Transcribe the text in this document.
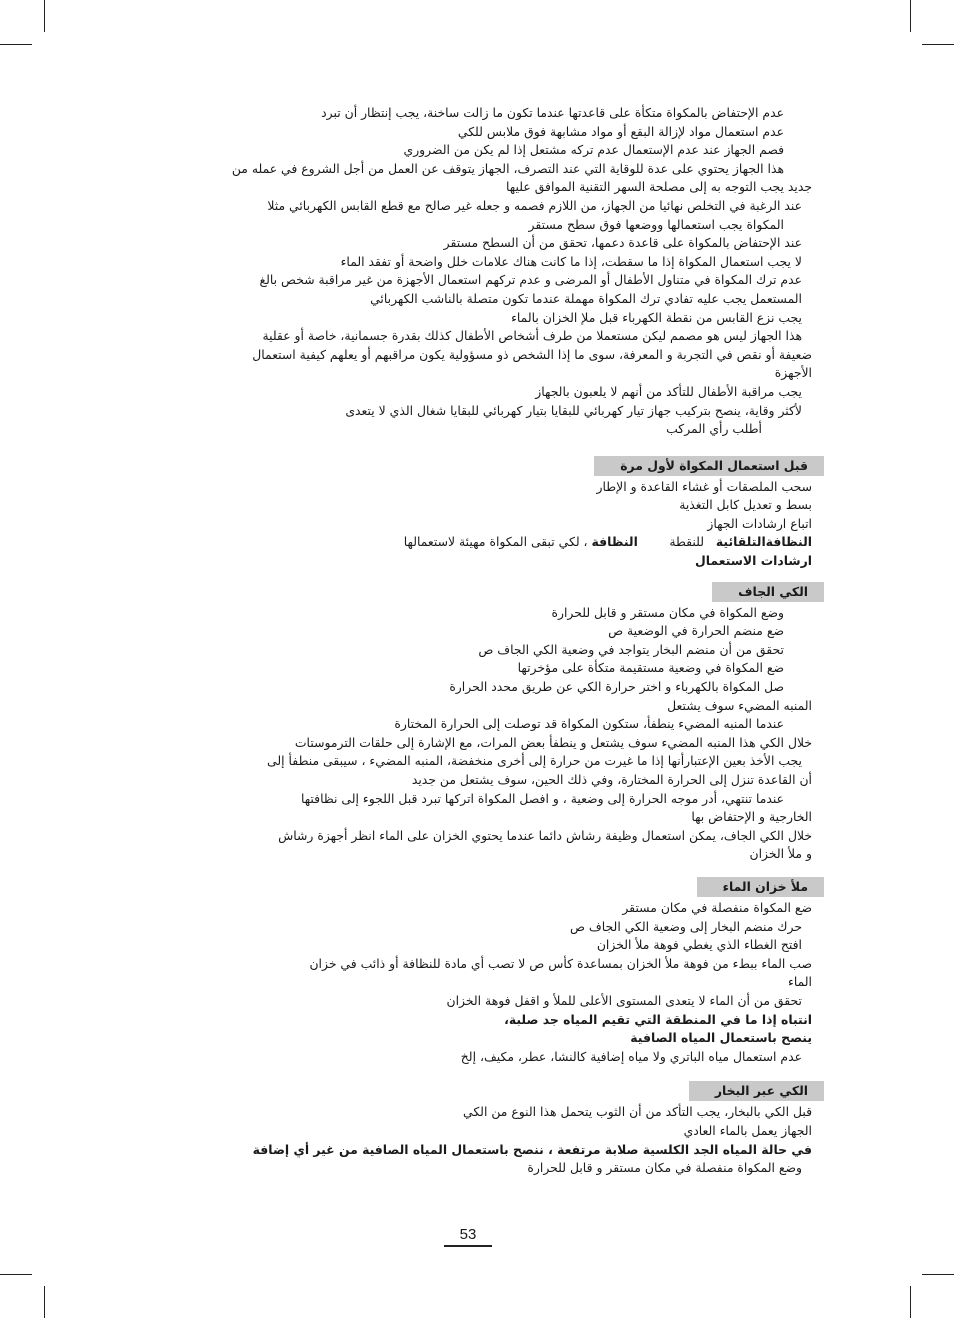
عدم الإحتفاض بالمكواة متكأة على قاعدتها عندما تكون ما زالت ساخنة، يجب إنتظار أن تبرد
عدم استعمال مواد لإزالة البقع أو مواد مشابهة فوق ملابس للكي
فصم الجهاز عند عدم الإستعمال عدم تركه مشتعل إذا لم يكن من الضروري
هذا الجهاز يحتوي على عدة للوقاية التي عند التصرف، الجهاز يتوقف عن العمل من أجل الشروع في عمله من
جديد يجب التوجه به إلى مصلحة السهر التقنية الموافق عليها
عند الرغبة في التخلص نهائيا من الجهاز، من اللازم فصمه و جعله غير صالح مع قطع القابس الكهربائي مثلا
المكواة يجب استعمالها ووضعها فوق سطح مستقر
عند الإحتفاض بالمكواة على قاعدة دعمها، تحقق من أن السطح مستقر
لا يجب استعمال المكواة إذا ما سقطت، إذا ما كانت هناك علامات خلل واضحة أو تفقد الماء
عدم ترك المكواة في متناول الأطفال أو المرضى و عدم تركهم استعمال الأجهزة من غير مراقبة شخص بالغ
المستعمل يجب عليه تفادي ترك المكواة مهملة عندما تكون متصلة بالناشب الكهربائي
يجب نزع القابس من نقطة الكهرباء قبل ملإ الخزان بالماء
هذا الجهاز ليس هو مصمم ليكن مستعملا من طرف أشخاص الأطفال كذلك بقدرة جسمانية، خاصة أو عقلية
ضعيفة أو نقص في التجربة و المعرفة، سوى ما إذا الشخص ذو مسؤولية يكون مراقبهم أو يعلهم كيفية استعمال
الأجهزة
يجب مراقبة الأطفال للتأكد من أنهم لا يلعبون بالجهاز
لأكثر وقاية، ينصح بتركيب جهاز تيار كهربائي للبقايا بتيار كهربائي للبقايا شغال الذي لا يتعدى
أطلب رأي المركب
قبل استعمال المكواة لأول مرة
سحب الملصقات أو غشاء القاعدة و الإطار
بسط و تعديل كابل التغذية
اتباع ارشادات الجهاز
النظافةالتلقائية   للنقطة        النظافة ، لكي تبقى المكواة مهيئة لاستعمالها
ارشادات الاستعمال
الكي الجاف
وضع المكواة في مكان مستقر و قابل للحرارة
ضع منضم الحرارة في الوضعية ص
تحقق من أن منضم البخار يتواجد في وضعية الكي الجاف ص
ضع المكواة في وضعية مستقيمة متكأة على مؤخرتها
صل المكواة بالكهرباء و اختر حرارة الكي عن طريق محدد الحرارة
المنبه المضيء سوف يشتعل
عندما المنبه المضيء ينطفأ، ستكون المكواة قد توصلت إلى الحرارة المختارة
خلال الكي هذا المنبه المضيء سوف يشتعل و ينطفأ بعض المرات، مع الإشارة إلى حلقات الترموستات
يجب الأخذ بعين الإعتبارأنها إذا ما غيرت من حرارة إلى أخرى منخفضة، المنبه المضيء ، سيبقى منطفأ إلى
أن القاعدة تنزل إلى الحرارة المختارة، وفي ذلك الحين، سوف يشتعل من جديد
عندما تنتهي، أدر موجه الحرارة إلى وضعية ، و افصل المكواة اتركها تبرد قبل اللجوء إلى نظافتها
الخارجية و الإحتفاض بها
خلال الكي الجاف، يمكن استعمال وظيفة رشاش دائما عندما يحتوي الخزان على الماء انظر أجهزة رشاش
و ملأ الخزان
ملأ خزان الماء
ضع المكواة منفصلة في مكان مستقر
حرك منضم البخار إلى وضعية الكي الجاف ص
افتح الغطاء الذي يغطي فوهة ملأ الخزان
صب الماء ببطء من فوهة ملأ الخزان بمساعدة كأس ص لا تصب أي مادة للنظافة أو ذائب في خزان
الماء
تحقق من أن الماء لا يتعدى المستوى الأعلى للملأ و اقفل فوهة الخزان
انتباه إذا ما في المنطقة التي تقيم المياه جد صلبة،
ينصح باستعمال المياه الصافية
عدم استعمال مياه الباتري ولا مياه إضافية كالنشا، عطر، مكيف، إلخ
الكي عبر البخار
قبل الكي بالبخار، يجب التأكد من أن الثوب يتحمل هذا النوع من الكي
الجهاز يعمل بالماء العادي
في حالة المياه الجد الكلسية صلابة مرتفعة ، ننصح باستعمال المياه الصافية من غير أي إضافة
وضع المكواة منفصلة في مكان مستقر و قابل للحرارة
53
